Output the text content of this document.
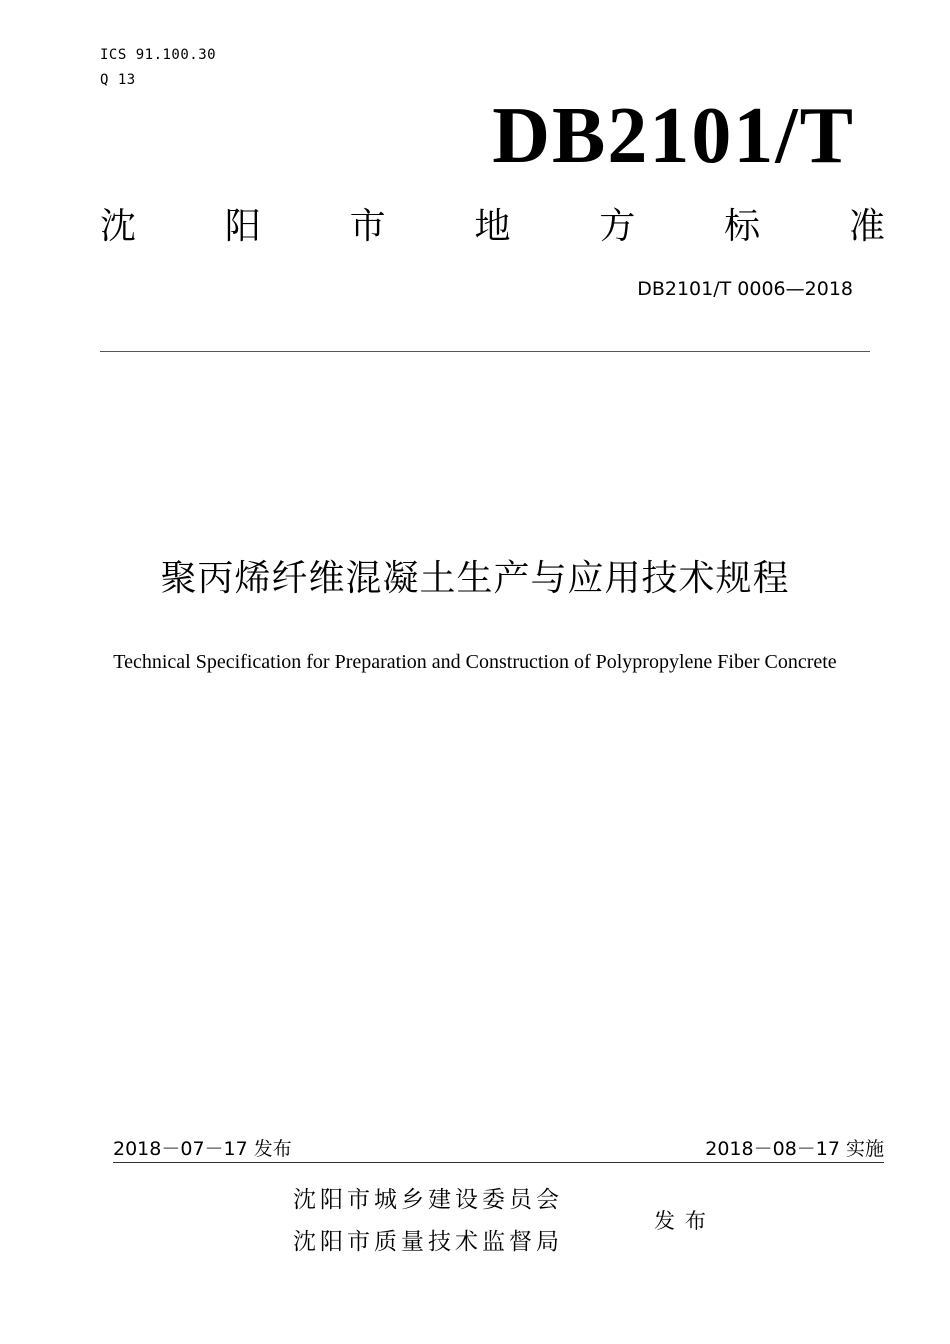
ICS 91.100.30
Q 13
DB2101/T
沈 阳 市 地 方 标 准
DB2101/T 0006—2018
聚丙烯纤维混凝土生产与应用技术规程
Technical Specification for Preparation and Construction of Polypropylene Fiber Concrete
2018－07－17 发布	2018－08－17 实施
沈阳市城乡建设委员会
沈阳市质量技术监督局
发布
